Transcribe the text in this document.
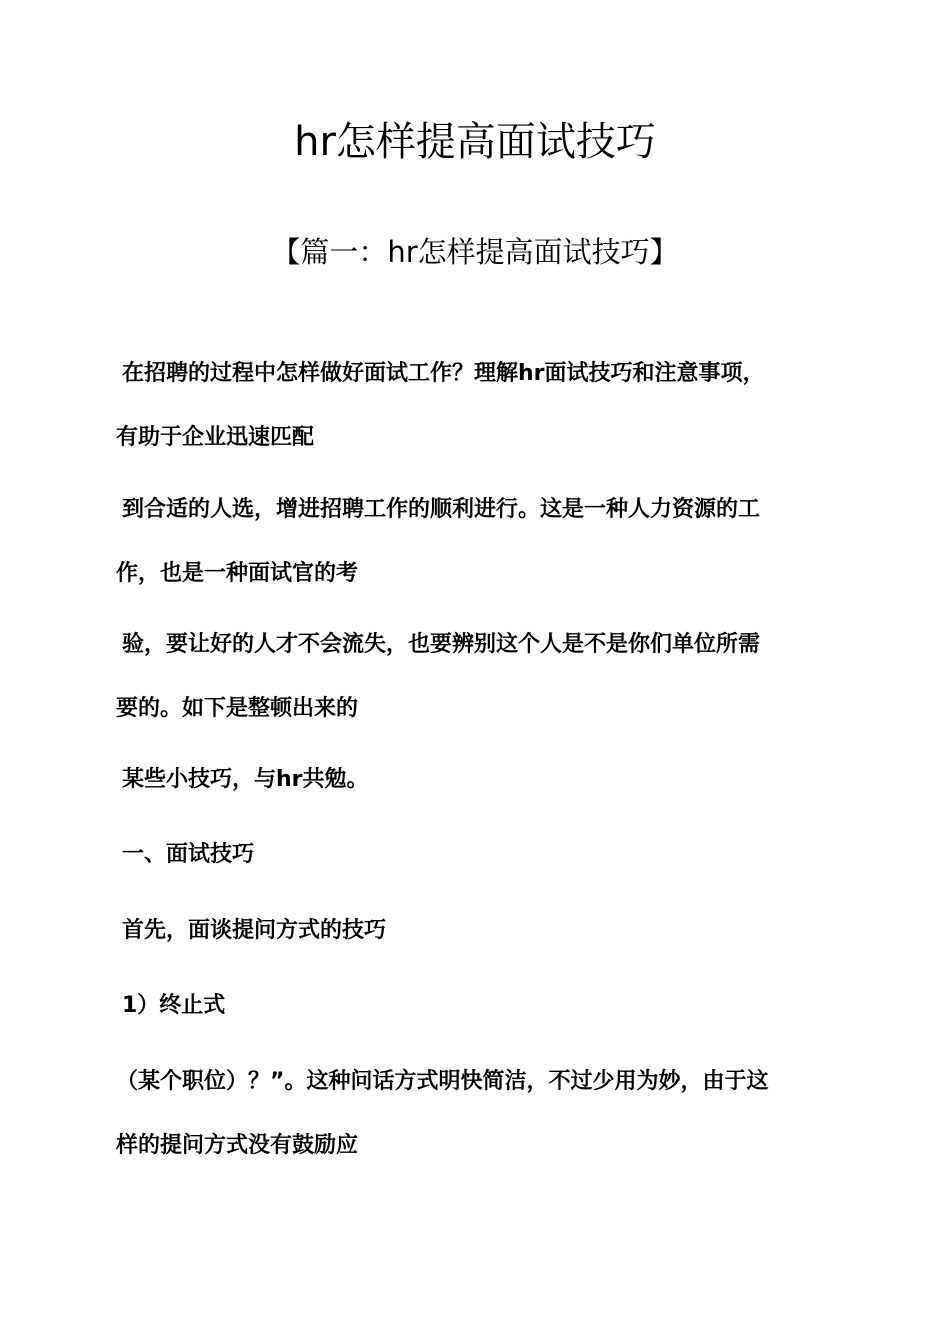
hr怎样提高面试技巧
【篇一：hr怎样提高面试技巧】
在招聘的过程中怎样做好面试工作？理解hr面试技巧和注意事项，
有助于企业迅速匹配
到合适的人选，增进招聘工作的顺利进行。这是一种人力资源的工
作，也是一种面试官的考
验，要让好的人才不会流失，也要辨别这个人是不是你们单位所需
要的。如下是整顿出来的
某些小技巧，与hr共勉。
一、面试技巧
首先，面谈提问方式的技巧
1）终止式
（某个职位）？”。这种问话方式明快简洁，不过少用为妙，由于这
样的提问方式没有鼓励应
